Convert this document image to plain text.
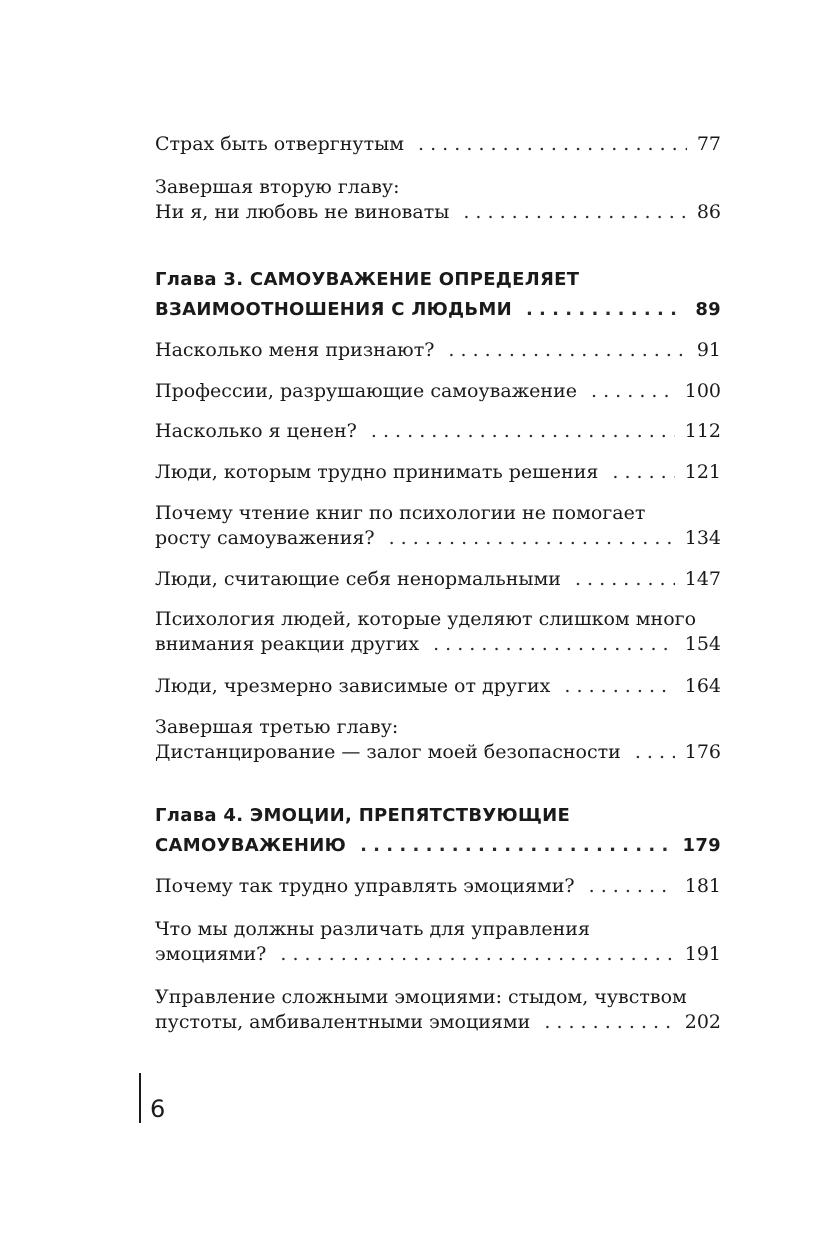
Страх быть отвергнутым . . .	77
Завершая вторую главу:
Ни я, ни любовь не виноваты . . .	86
Глава 3. САМОУВАЖЕНИЕ ОПРЕДЕЛЯЕТ
ВЗАИМООТНОШЕНИЯ С ЛЮДЬМИ . . .	89
Насколько меня признают? . . .	91
Профессии, разрушающие самоуважение . . .	100
Насколько я ценен? . . .	112
Люди, которым трудно принимать решения . . .	121
Почему чтение книг по психологии не помогает
росту самоуважения? . . .	134
Люди, считающие себя ненормальными . . .	147
Психология людей, которые уделяют слишком много
внимания реакции других . . .	154
Люди, чрезмерно зависимые от других . . .	164
Завершая третью главу:
Дистанцирование — залог моей безопасности . . .	176
Глава 4. ЭМОЦИИ, ПРЕПЯТСТВУЮЩИЕ
САМОУВАЖЕНИЮ . . .	179
Почему так трудно управлять эмоциями? . . .	181
Что мы должны различать для управления
эмоциями? . . .	191
Управление сложными эмоциями: стыдом, чувством
пустоты, амбивалентными эмоциями . . .	202
6
